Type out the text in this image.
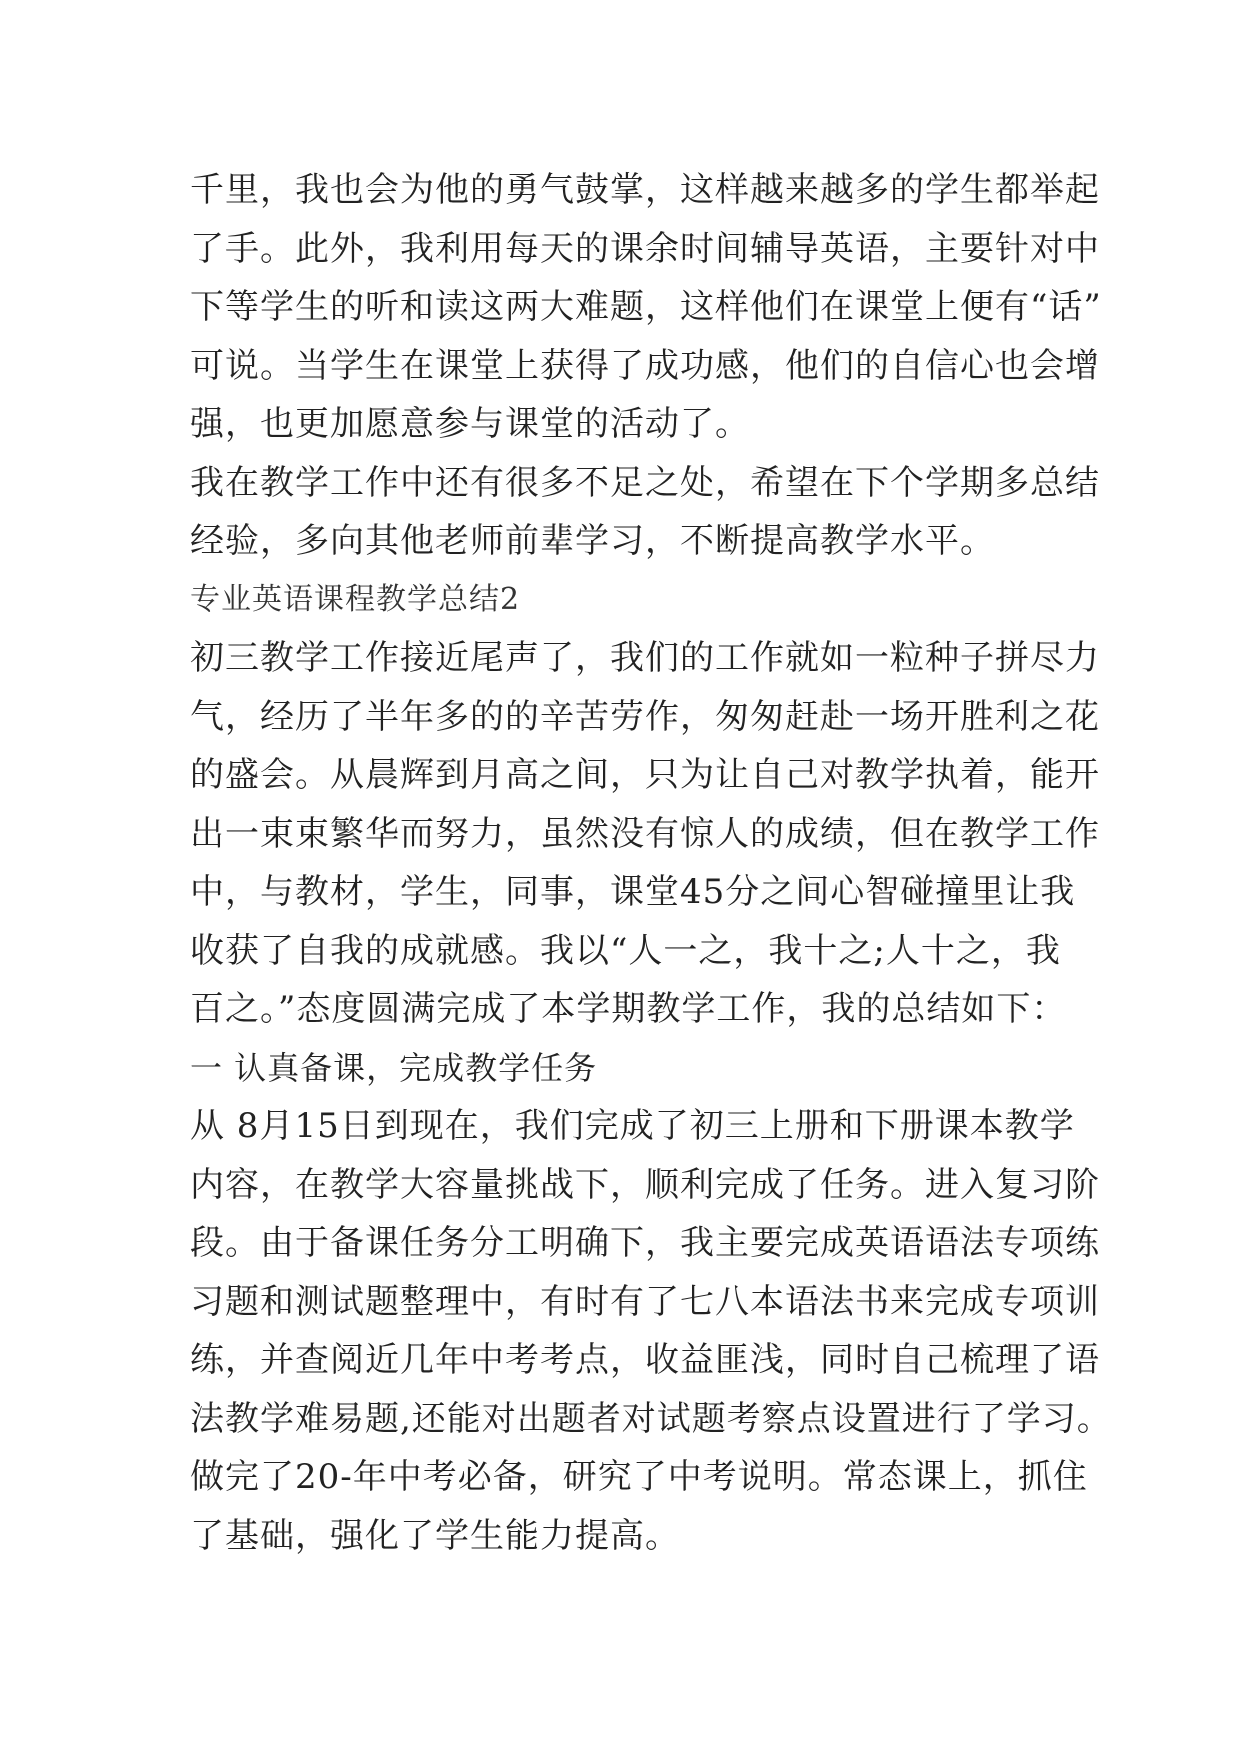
千里，我也会为他的勇气鼓掌，这样越来越多的学生都举起
了手。此外，我利用每天的课余时间辅导英语，主要针对中
下等学生的听和读这两大难题，这样他们在课堂上便有“话”
可说。当学生在课堂上获得了成功感，他们的自信心也会增
强，也更加愿意参与课堂的活动了。
我在教学工作中还有很多不足之处，希望在下个学期多总结
经验，多向其他老师前辈学习，不断提高教学水平。
专业英语课程教学总结2
初三教学工作接近尾声了，我们的工作就如一粒种子拼尽力
气，经历了半年多的的辛苦劳作，匆匆赶赴一场开胜利之花
的盛会。从晨辉到月高之间，只为让自己对教学执着，能开
出一束束繁华而努力，虽然没有惊人的成绩，但在教学工作
中，与教材，学生，同事，课堂45分之间心智碰撞里让我
收获了自我的成就感。我以“人一之，我十之;人十之，我
百之。”态度圆满完成了本学期教学工作，我的总结如下：
一 认真备课，完成教学任务
从 8月15日到现在，我们完成了初三上册和下册课本教学
内容，在教学大容量挑战下，顺利完成了任务。进入复习阶
段。由于备课任务分工明确下，我主要完成英语语法专项练
习题和测试题整理中，有时有了七八本语法书来完成专项训
练，并查阅近几年中考考点，收益匪浅，同时自己梳理了语
法教学难易题,还能对出题者对试题考察点设置进行了学习。
做完了20-年中考必备，研究了中考说明。常态课上，抓住
了基础，强化了学生能力提高。
